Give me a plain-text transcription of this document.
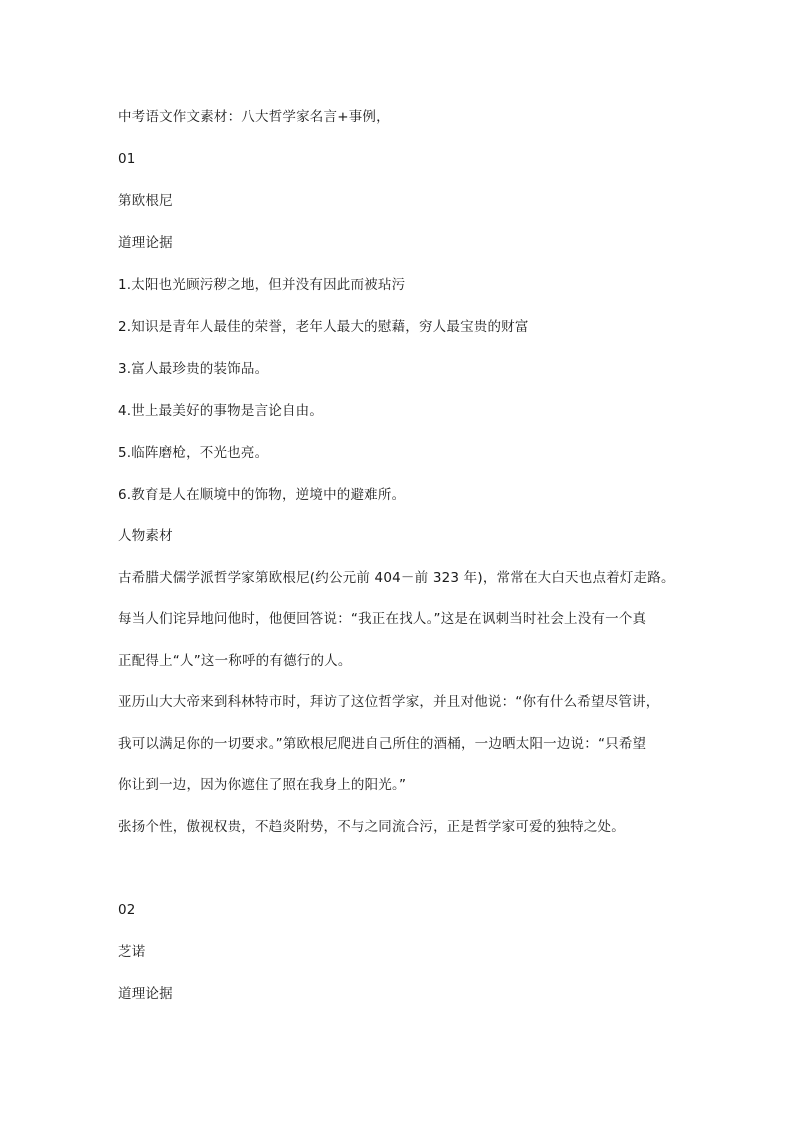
中考语文作文素材：八大哲学家名言+事例，
01
第欧根尼
道理论据
1.太阳也光顾污秽之地，但并没有因此而被玷污
2.知识是青年人最佳的荣誉，老年人最大的慰藉，穷人最宝贵的财富
3.富人最珍贵的装饰品。
4.世上最美好的事物是言论自由。
5.临阵磨枪，不光也亮。
6.教育是人在顺境中的饰物，逆境中的避难所。
人物素材
古希腊犬儒学派哲学家第欧根尼(约公元前 404－前 323 年)，常常在大白天也点着灯走路。
每当人们诧异地问他时，他便回答说：“我正在找人。”这是在讽刺当时社会上没有一个真
正配得上“人”这一称呼的有德行的人。
亚历山大大帝来到科林特市时，拜访了这位哲学家，并且对他说：“你有什么希望尽管讲，
我可以满足你的一切要求。”第欧根尼爬进自己所住的酒桶，一边晒太阳一边说：“只希望
你让到一边，因为你遮住了照在我身上的阳光。”
张扬个性，傲视权贵，不趋炎附势，不与之同流合污，正是哲学家可爱的独特之处。
02
芝诺
道理论据
